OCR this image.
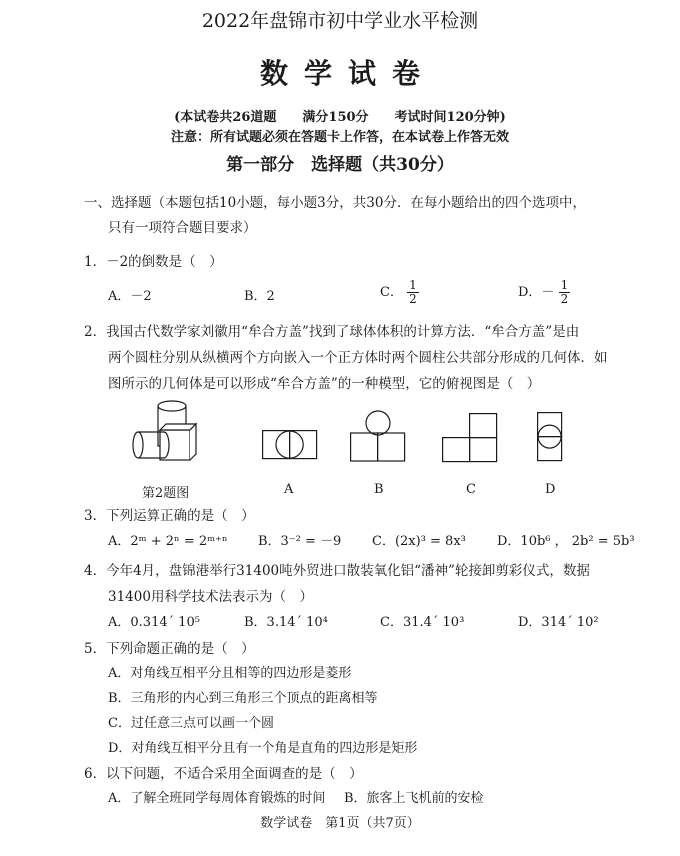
2022年盘锦市初中学业水平检测
数学试卷
(本试卷共26道题　　满分150分　　考试时间120分钟)
注意：所有试题必须在答题卡上作答，在本试卷上作答无效
第一部分　选择题（共30分）
一、选择题（本题包括10小题，每小题3分，共30分．在每小题给出的四个选项中，
只有一项符合题目要求）
1．－2的倒数是（　）
A．－2	B．2	C． $\frac{1}{2}$	D．－ $\frac{1}{2}$
2．我国古代数学家刘徽用“牟合方盖”找到了球体体积的计算方法．“牟合方盖”是由
两个圆柱分别从纵横两个方向嵌入一个正方体时两个圆柱公共部分形成的几何体．如
图所示的几何体是可以形成“牟合方盖”的一种模型，它的俯视图是（　）
第2题图	A	B	C	D
3．下列运算正确的是（　）
A．2ᵐ + 2ⁿ = 2ᵐ⁺ⁿ B．3⁻² = －9 C．(2x)³ = 8x³ D．10b⁶ ， 2b² = 5b³
4．今年4月，盘锦港举行31400吨外贸进口散装氧化铝“潘神”轮接卸剪彩仪式，数据
31400用科学技术法表示为（　）
A．0.314´ 10⁵	B．3.14´ 10⁴	C．31.4´ 10³	D．314´ 10²
5．下列命题正确的是（　）
A．对角线互相平分且相等的四边形是菱形
B．三角形的内心到三角形三个顶点的距离相等
C．过任意三点可以画一个圆
D．对角线互相平分且有一个角是直角的四边形是矩形
6．以下问题，不适合采用全面调查的是（　）
A．了解全班同学每周体育锻炼的时间 B．旅客上飞机前的安检
数学试卷　第1页（共7页）
